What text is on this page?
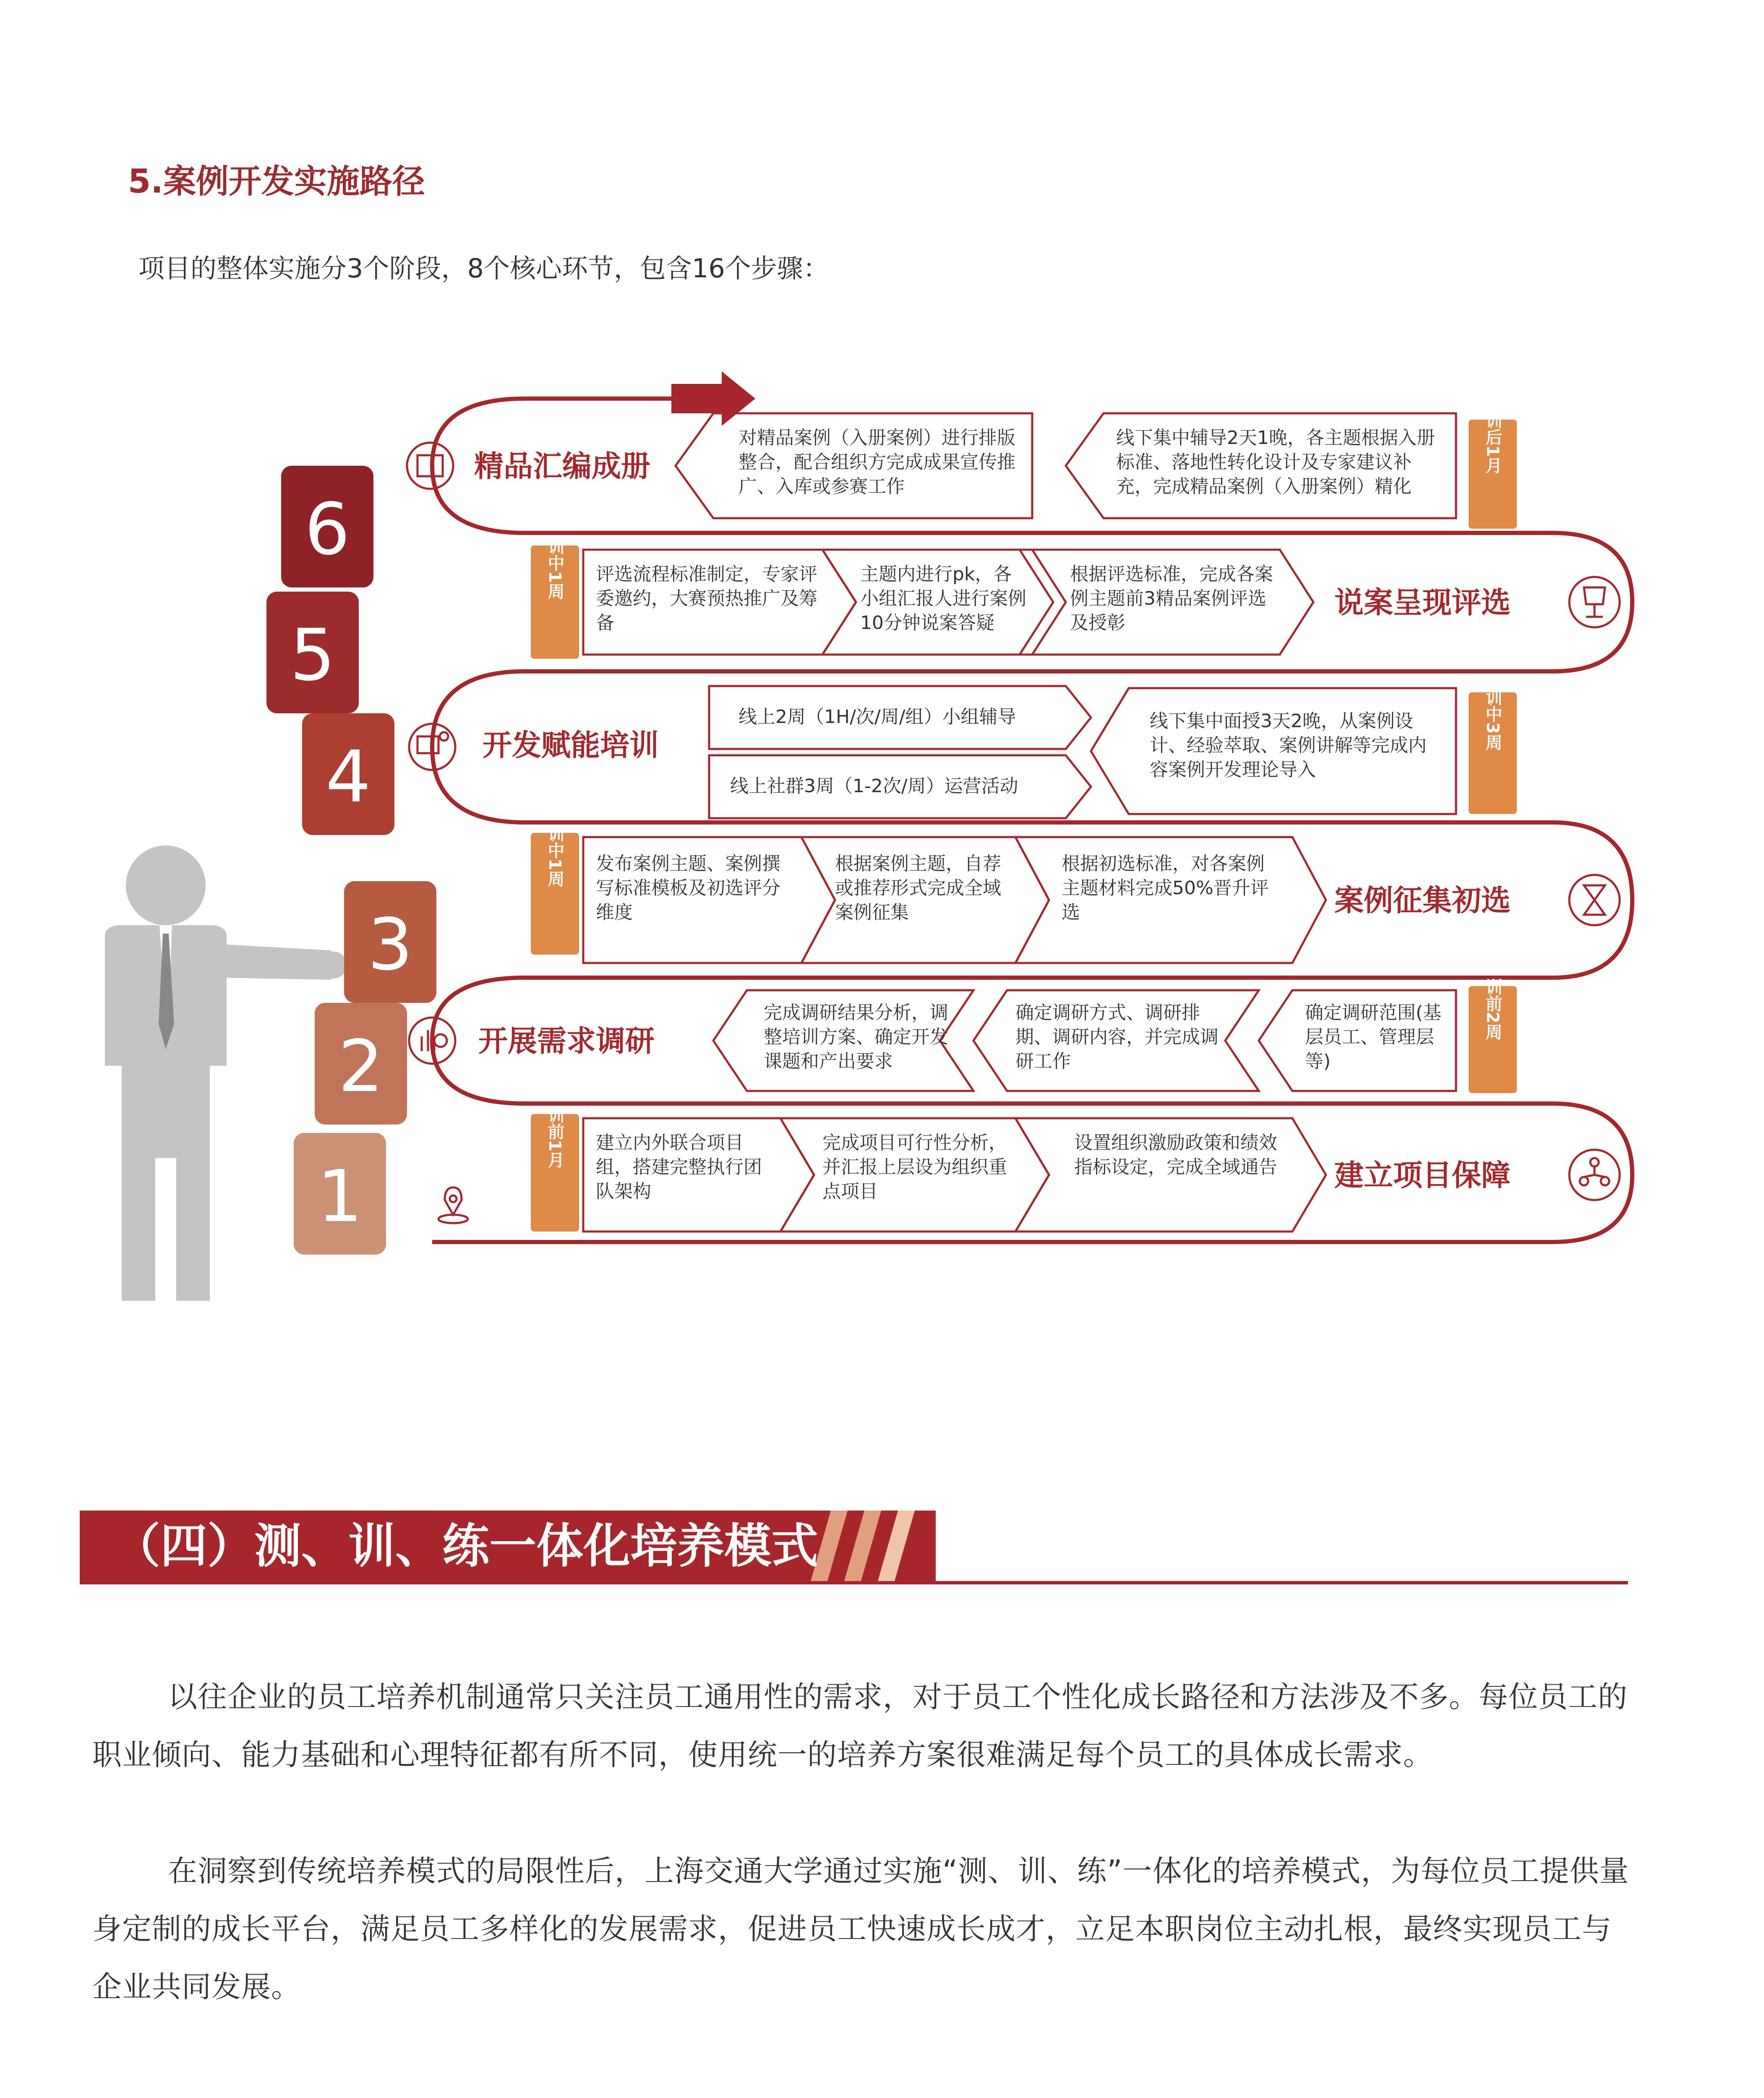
5.案例开发实施路径
项目的整体实施分3个阶段，8个核心环节，包含16个步骤：
6
5
4
3
2
1
训后1月
训中1周
训中3周
训中1周
训前2周
训前1月
精品汇编成册
说案呈现评选
开发赋能培训
案例征集初选
开展需求调研
建立项目保障
对精品案例（入册案例）进行排版整合，配合组织方完成成果宣传推广、入库或参赛工作
线下集中辅导2天1晚，各主题根据入册标准、落地性转化设计及专家建议补充，完成精品案例（入册案例）精化
评选流程标准制定，专家评委邀约，大赛预热推广及筹备
主题内进行pk，各小组汇报人进行案例10分钟说案答疑
根据评选标准，完成各案例主题前3精品案例评选及授彰
线上2周（1H/次/周/组）小组辅导
线上社群3周（1-2次/周）运营活动
线下集中面授3天2晚，从案例设计、经验萃取、案例讲解等完成内容案例开发理论导入
发布案例主题、案例撰写标准模板及初选评分维度
根据案例主题，自荐或推荐形式完成全域案例征集
根据初选标准，对各案例主题材料完成50%晋升评选
完成调研结果分析，调整培训方案、确定开发课题和产出要求
确定调研方式、调研排期、调研内容，并完成调研工作
确定调研范围(基层员工、管理层等)
建立内外联合项目组，搭建完整执行团队架构
完成项目可行性分析，并汇报上层设为组织重点项目
设置组织激励政策和绩效指标设定，完成全域通告
（四）测、训、练一体化培养模式
以往企业的员工培养机制通常只关注员工通用性的需求，对于员工个性化成长路径和方法涉及不多。每位员工的职业倾向、能力基础和心理特征都有所不同，使用统一的培养方案很难满足每个员工的具体成长需求。
在洞察到传统培养模式的局限性后，上海交通大学通过实施“测、训、练”一体化的培养模式，为每位员工提供量身定制的成长平台，满足员工多样化的发展需求，促进员工快速成长成才，立足本职岗位主动扎根，最终实现员工与企业共同发展。
